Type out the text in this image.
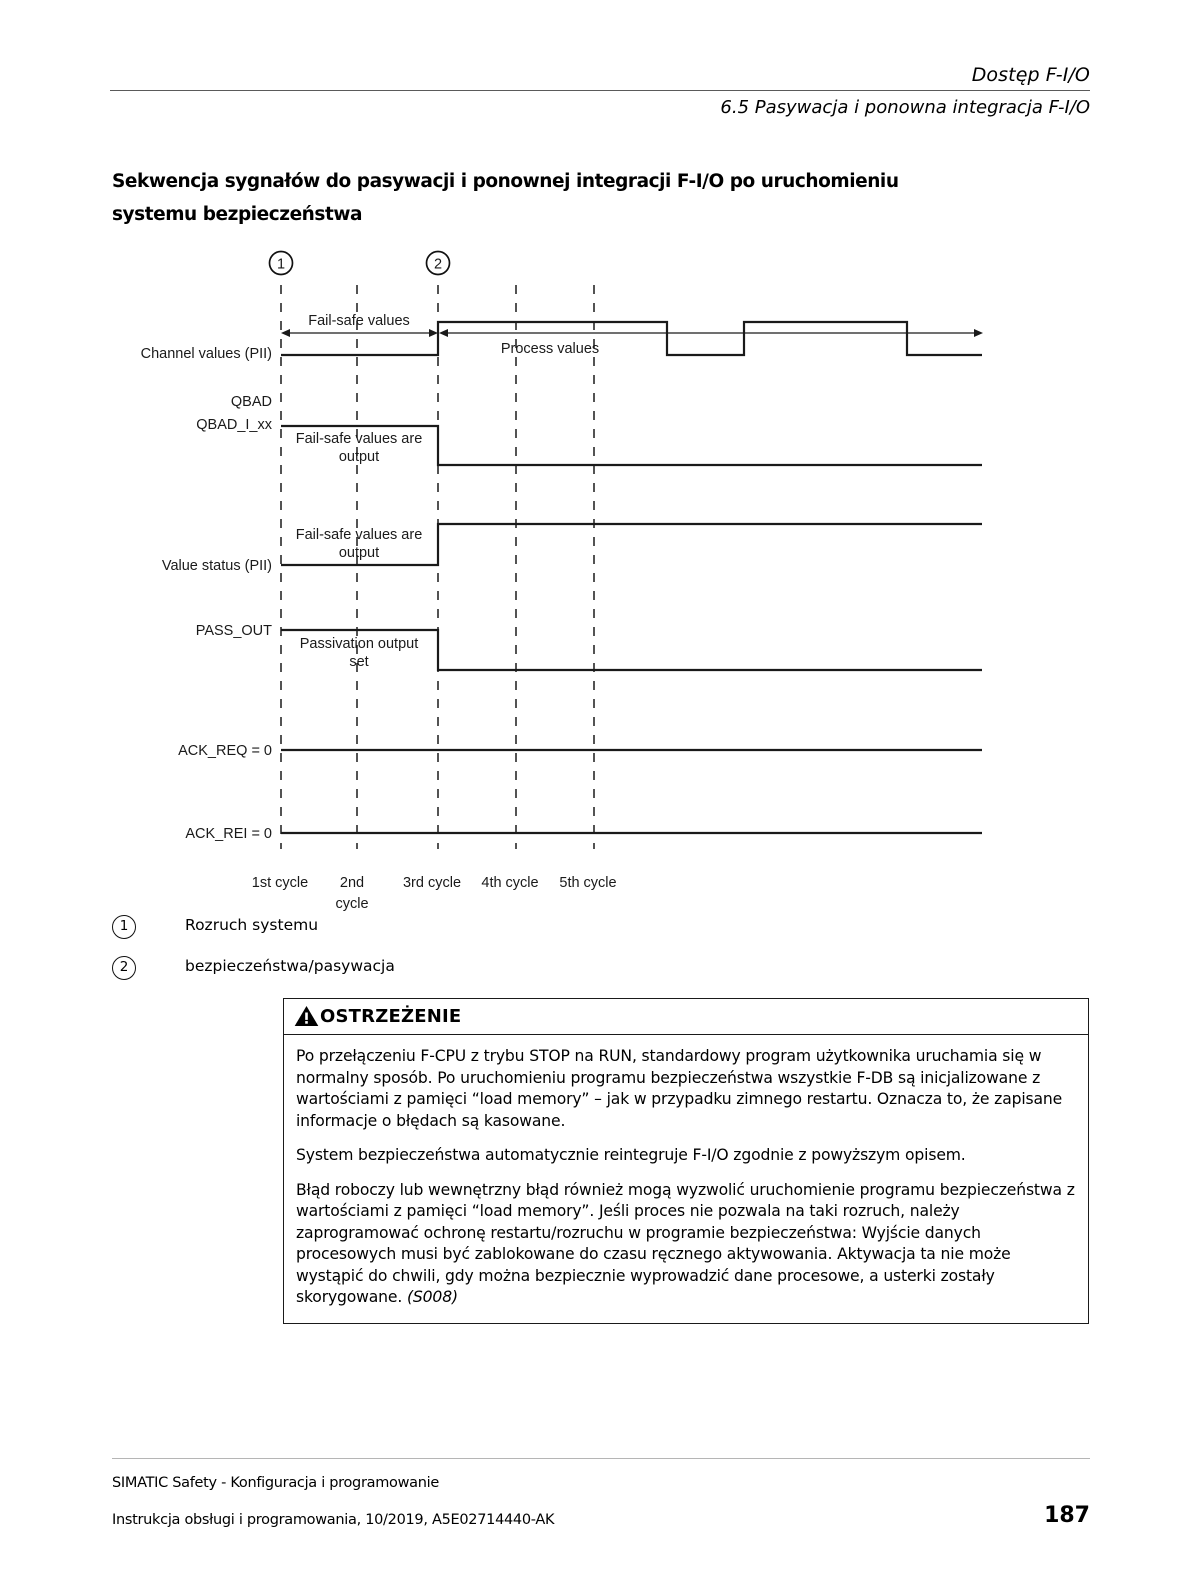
Dostęp F-I/O
6.5 Pasywacja i ponowna integracja F-I/O
Sekwencja sygnałów do pasywacji i ponownej integracji F-I/O po uruchomieniu
systemu bezpieczeństwa
1	2
Channel values (PII)
Fail-safe values
Process values
QBAD
QBAD_I_xx
Fail-safe values are
output
Value status (PII)
Fail-safe values are
output
PASS_OUT
Passivation output
set
ACK_REQ = 0
ACK_REI = 0
1st cycle 2nd
cycle
3rd cycle 4th cycle 5th cycle
1	Rozruch systemu
2	bezpieczeństwa/pasywacja
OSTRZEŻENIE

Po przełączeniu F-CPU z trybu STOP na RUN, standardowy program użytkownika uruchamia się w normalny sposób. Po uruchomieniu programu bezpieczeństwa wszystkie F-DB są inicjalizowane z wartościami z pamięci “load memory” – jak w przypadku zimnego restartu. Oznacza to, że zapisane informacje o błędach są kasowane.

System bezpieczeństwa automatycznie reintegruje F-I/O zgodnie z powyższym opisem.

Błąd roboczy lub wewnętrzny błąd również mogą wyzwolić uruchomienie programu bezpieczeństwa z wartościami z pamięci “load memory”. Jeśli proces nie pozwala na taki rozruch, należy zaprogramować ochronę restartu/rozruchu w programie bezpieczeństwa: Wyjście danych procesowych musi być zablokowane do czasu ręcznego aktywowania. Aktywacja ta nie może wystąpić do chwili, gdy można bezpiecznie wyprowadzić dane procesowe, a usterki zostały skorygowane. (S008)

SIMATIC Safety - Konfiguracja i programowanie
Instrukcja obsługi i programowania, 10/2019, A5E02714440-AK	187
